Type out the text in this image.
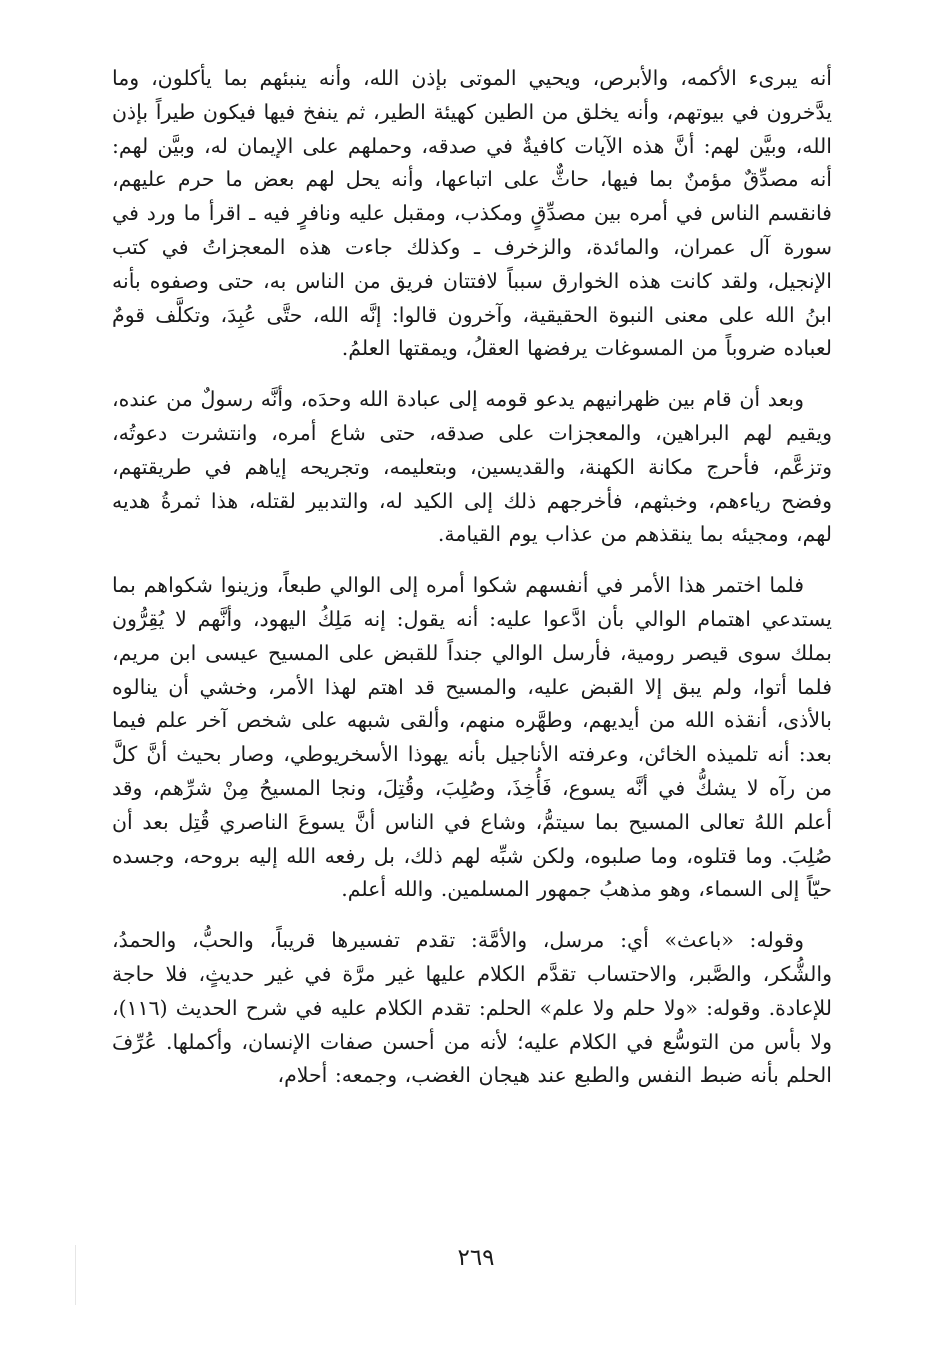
أنه يبرىء الأكمه، والأبرص، ويحيي الموتى بإذن الله، وأنه ينبئهم بما يأكلون، وما يدَّخرون في بيوتهم، وأنه يخلق من الطين كهيئة الطير، ثم ينفخ فيها فيكون طيراً بإذن الله، وبيَّن لهم: أنَّ هذه الآيات كافيةٌ في صدقه، وحملهم على الإيمان له، وبيَّن لهم: أنه مصدِّقٌ مؤمنٌ بما فيها، حاثٌّ على اتباعها، وأنه يحل لهم بعض ما حرم عليهم، فانقسم الناس في أمره بين مصدِّقٍ ومكذب، ومقبل عليه ونافرٍ فيه ـ اقرأ ما ورد في سورة آل عمران، والمائدة، والزخرف ـ وكذلك جاءت هذه المعجزاتُ في كتب الإنجيل، ولقد كانت هذه الخوارق سبباً لافتتان فريق من الناس به، حتى وصفوه بأنه ابنُ الله على معنى النبوة الحقيقية، وآخرون قالوا: إنَّه الله، حتَّى عُبِدَ، وتكلَّف قومٌ لعباده ضروباً من المسوغات يرفضها العقلُ، ويمقتها العلمُ.

وبعد أن قام بين ظهرانيهم يدعو قومه إلى عبادة الله وحدَه، وأنَّه رسولٌ من عنده، ويقيم لهم البراهين، والمعجزات على صدقه، حتى شاع أمره، وانتشرت دعوتُه، وتزعَّم، فأحرج مكانة الكهنة، والقديسين، وبتعليمه، وتجريحه إياهم في طريقتهم، وفضح رياءهم، وخبثهم، فأخرجهم ذلك إلى الكيد له، والتدبير لقتله، هذا ثمرةُ هديه لهم، ومجيئه بما ينقذهم من عذاب يوم القيامة.

فلما اختمر هذا الأمر في أنفسهم شكوا أمره إلى الوالي طبعاً، وزينوا شكواهم بما يستدعي اهتمام الوالي بأن ادَّعوا عليه: أنه يقول: إنه مَلِكُ اليهود، وأنَّهم لا يُقِرُّون بملك سوى قيصر رومية، فأرسل الوالي جنداً للقبض على المسيح عيسى ابن مريم، فلما أتوا، ولم يبق إلا القبض عليه، والمسيح قد اهتم لهذا الأمر، وخشي أن ينالوه بالأذى، أنقذه الله من أيديهم، وطهَّره منهم، وألقى شبهه على شخص آخر علم فيما بعد: أنه تلميذه الخائن، وعرفته الأناجيل بأنه يهوذا الأسخريوطي، وصار بحيث أنَّ كلَّ من رآه لا يشكُّ في أنَّه يسوع، فَأُخِذَ، وصُلِبَ، وقُتِلَ، ونجا المسيحُ مِنْ شرِّهم، وقد أعلم اللهُ تعالى المسيح بما سيتمُّ، وشاع في الناس أنَّ يسوعَ الناصري قُتِل بعد أن صُلِبَ. وما قتلوه، وما صلبوه، ولكن شبِّه لهم ذلك، بل رفعه الله إليه بروحه، وجسده حيّاً إلى السماء، وهو مذهبُ جمهور المسلمين. والله أعلم.

وقوله: «باعث» أي: مرسل، والأمَّة: تقدم تفسيرها قريباً، والحبُّ، والحمدُ، والشُّكر، والصَّبر، والاحتساب تقدَّم الكلام عليها غير مرَّة في غير حديثٍ، فلا حاجة للإعادة. وقوله: «ولا حلم ولا علم» الحلم: تقدم الكلام عليه في شرح الحديث (١١٦)، ولا بأس من التوسُّع في الكلام عليه؛ لأنه من أحسن صفات الإنسان، وأكملها. عُرِّفَ الحلم بأنه ضبط النفس والطبع عند هيجان الغضب، وجمعه: أحلام،

٢٦٩
